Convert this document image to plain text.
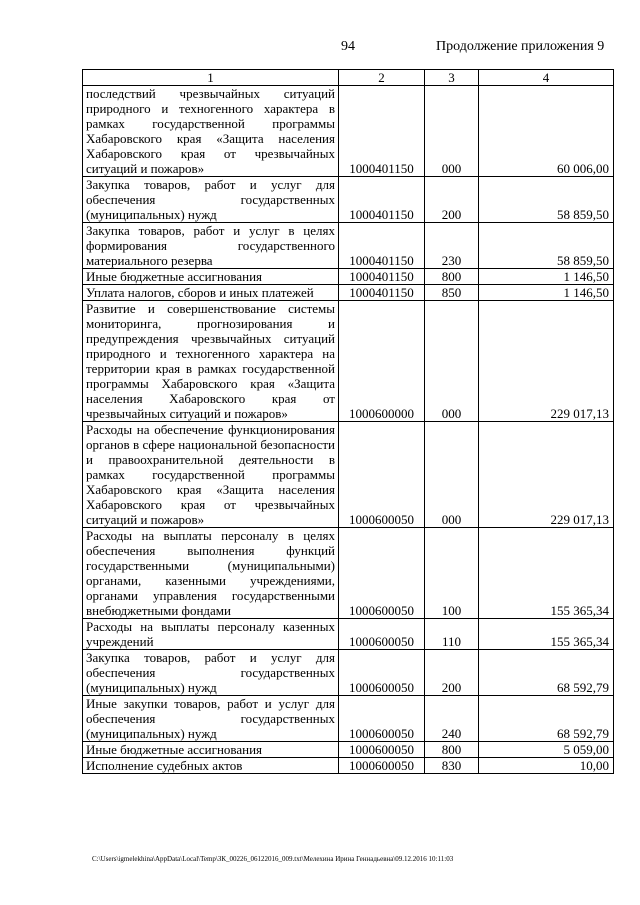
94	Продолжение приложения 9
1	2	3	4
последствий чрезвычайных ситуаций природного и техногенного характера в рамках государственной программы Хабаровского края «Защита населения Хабаровского края от чрезвычайных ситуаций и пожаров»	1000401150	000	60 006,00
Закупка товаров, работ и услуг для обеспечения государственных (муниципальных) нужд	1000401150	200	58 859,50
Закупка товаров, работ и услуг в целях формирования государственного материального резерва	1000401150	230	58 859,50
Иные бюджетные ассигнования	1000401150	800	1 146,50
Уплата налогов, сборов и иных платежей	1000401150	850	1 146,50
Развитие и совершенствование системы мониторинга, прогнозирования и предупреждения чрезвычайных ситуаций природного и техногенного характера на территории края в рамках государственной программы Хабаровского края «Защита населения Хабаровского края от чрезвычайных ситуаций и пожаров»	1000600000	000	229 017,13
Расходы на обеспечение функционирования органов в сфере национальной безопасности и правоохранительной деятельности в рамках государственной программы Хабаровского края «Защита населения Хабаровского края от чрезвычайных ситуаций и пожаров»	1000600050	000	229 017,13
Расходы на выплаты персоналу в целях обеспечения выполнения функций государственными (муниципальными) органами, казенными учреждениями, органами управления государственными внебюджетными фондами	1000600050	100	155 365,34
Расходы на выплаты персоналу казенных учреждений	1000600050	110	155 365,34
Закупка товаров, работ и услуг для обеспечения государственных (муниципальных) нужд	1000600050	200	68 592,79
Иные закупки товаров, работ и услуг для обеспечения государственных (муниципальных) нужд	1000600050	240	68 592,79
Иные бюджетные ассигнования	1000600050	800	5 059,00
Исполнение судебных актов	1000600050	830	10,00
C:\Users\igmelekhina\AppData\Local\Temp\ЗК_00226_06122016_009.txt\Мелехина Ирина Геннадьевна\09.12.2016 10:11:03
